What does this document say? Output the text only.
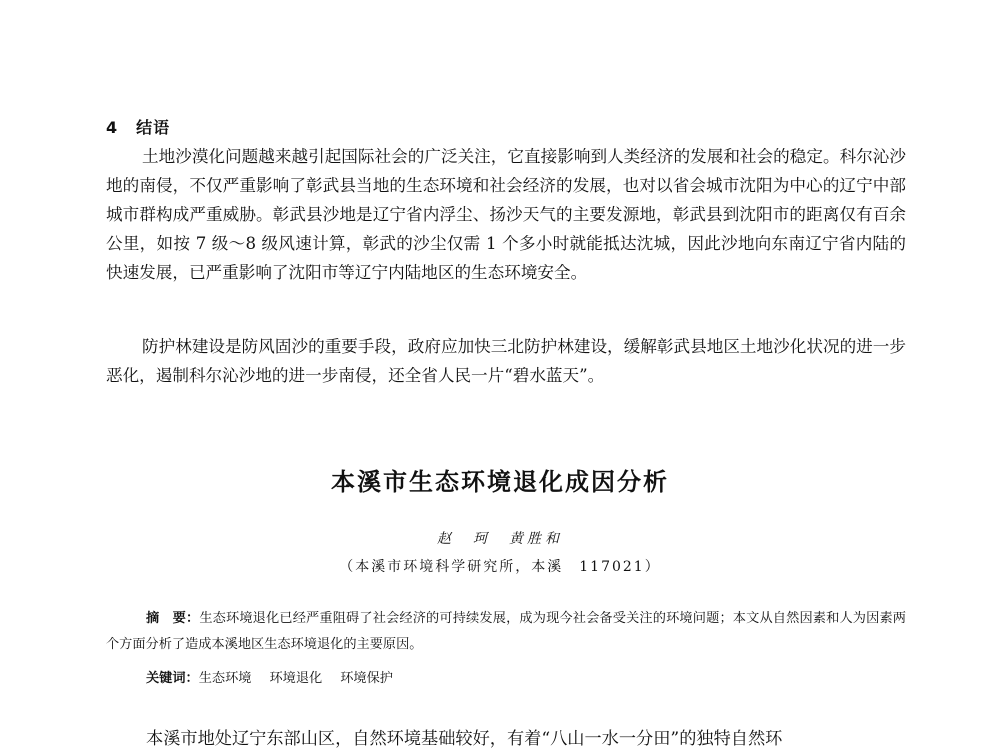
4 结语

土地沙漠化问题越来越引起国际社会的广泛关注，它直接影响到人类经济的发展和社会的稳定。科尔沁沙地的南侵，不仅严重影响了彰武县当地的生态环境和社会经济的发展，也对以省会城市沈阳为中心的辽宁中部城市群构成严重威胁。彰武县沙地是辽宁省内浮尘、扬沙天气的主要发源地，彰武县到沈阳市的距离仅有百余公里，如按 7 级～8 级风速计算，彰武的沙尘仅需 1 个多小时就能抵达沈城，因此沙地向东南辽宁省内陆的快速发展，已严重影响了沈阳市等辽宁内陆地区的生态环境安全。

防护林建设是防风固沙的重要手段，政府应加快三北防护林建设，缓解彰武县地区土地沙化状况的进一步恶化，遏制科尔沁沙地的进一步南侵，还全省人民一片“碧水蓝天”。

本溪市生态环境退化成因分析
赵　珂　黄胜和
（本溪市环境科学研究所，本溪　117021）

摘　要：生态环境退化已经严重阻碍了社会经济的可持续发展，成为现今社会备受关注的环境问题；本文从自然因素和人为因素两个方面分析了造成本溪地区生态环境退化的主要原因。

关键词：生态环境 环境退化 环境保护

本溪市地处辽宁东部山区，自然环境基础较好，有着“八山一水一分田”的独特自然环
